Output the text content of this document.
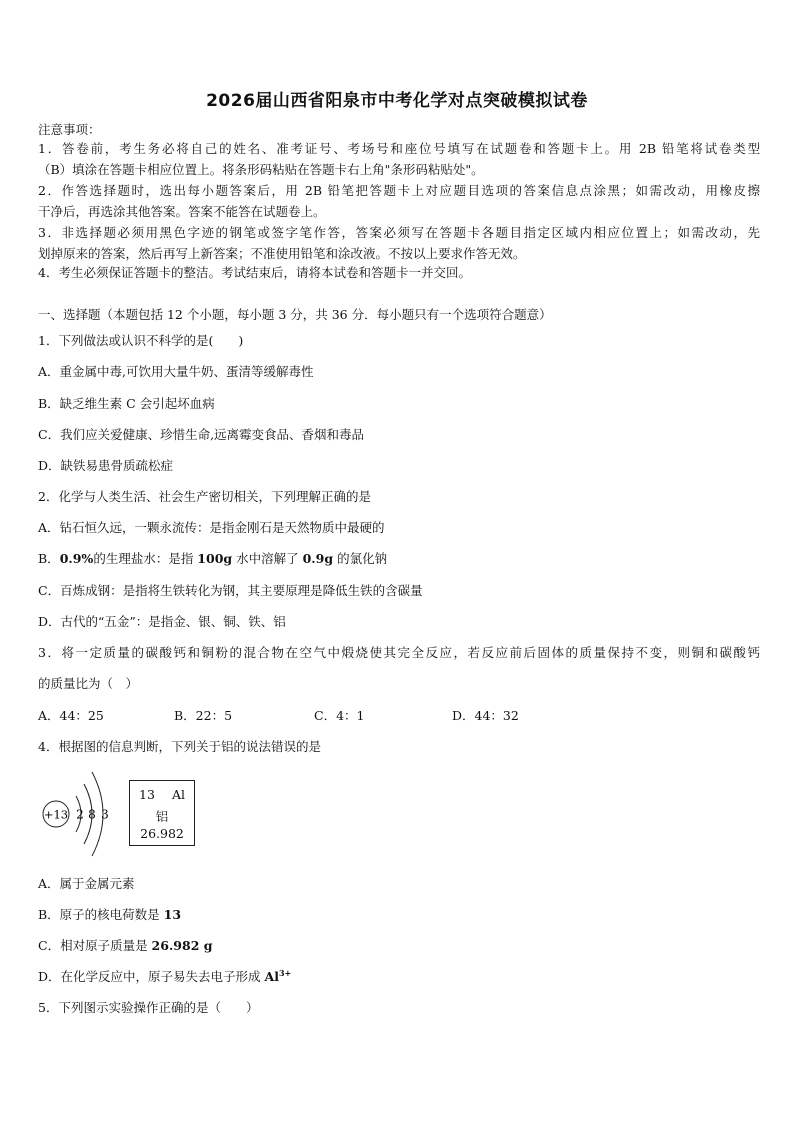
2026届山西省阳泉市中考化学对点突破模拟试卷
注意事项：
1．答卷前，考生务必将自己的姓名、准考证号、考场号和座位号填写在试题卷和答题卡上。用 2B 铅笔将试卷类型
（B）填涂在答题卡相应位置上。将条形码粘贴在答题卡右上角"条形码粘贴处"。
2．作答选择题时，选出每小题答案后，用 2B 铅笔把答题卡上对应题目选项的答案信息点涂黑；如需改动，用橡皮擦
干净后，再选涂其他答案。答案不能答在试题卷上。
3．非选择题必须用黑色字迹的钢笔或签字笔作答，答案必须写在答题卡各题目指定区域内相应位置上；如需改动，先
划掉原来的答案，然后再写上新答案；不准使用铅笔和涂改液。不按以上要求作答无效。
4．考生必须保证答题卡的整洁。考试结束后，请将本试卷和答题卡一并交回。
一、选择题（本题包括 12 个小题，每小题 3 分，共 36 分．每小题只有一个选项符合题意）
1．下列做法或认识不科学的是(　　)
A．重金属中毒,可饮用大量牛奶、蛋清等缓解毒性
B．缺乏维生素 C 会引起坏血病
C．我们应关爱健康、珍惜生命,远离霉变食品、香烟和毒品
D．缺铁易患骨质疏松症
2．化学与人类生活、社会生产密切相关，下列理解正确的是
A．钻石恒久远，一颗永流传：是指金刚石是天然物质中最硬的
B．0.9%的生理盐水：是指 100g 水中溶解了 0.9g 的氯化钠
C．百炼成钢：是指将生铁转化为钢，其主要原理是降低生铁的含碳量
D．古代的“五金”：是指金、银、铜、铁、铝
3．将一定质量的碳酸钙和铜粉的混合物在空气中煅烧使其完全反应，若反应前后固体的质量保持不变，则铜和碳酸钙
的质量比为（　）
A．44：25	B．22：5	C．4：1	D．44：32
4．根据图的信息判断，下列关于铝的说法错误的是
+13 2 8 3
13 Al
铝
26.982
A．属于金属元素
B．原子的核电荷数是 13
C．相对原子质量是 26.982 g
D．在化学反应中，原子易失去电子形成 $Al^{3+}$
5．下列图示实验操作正确的是（　　）
